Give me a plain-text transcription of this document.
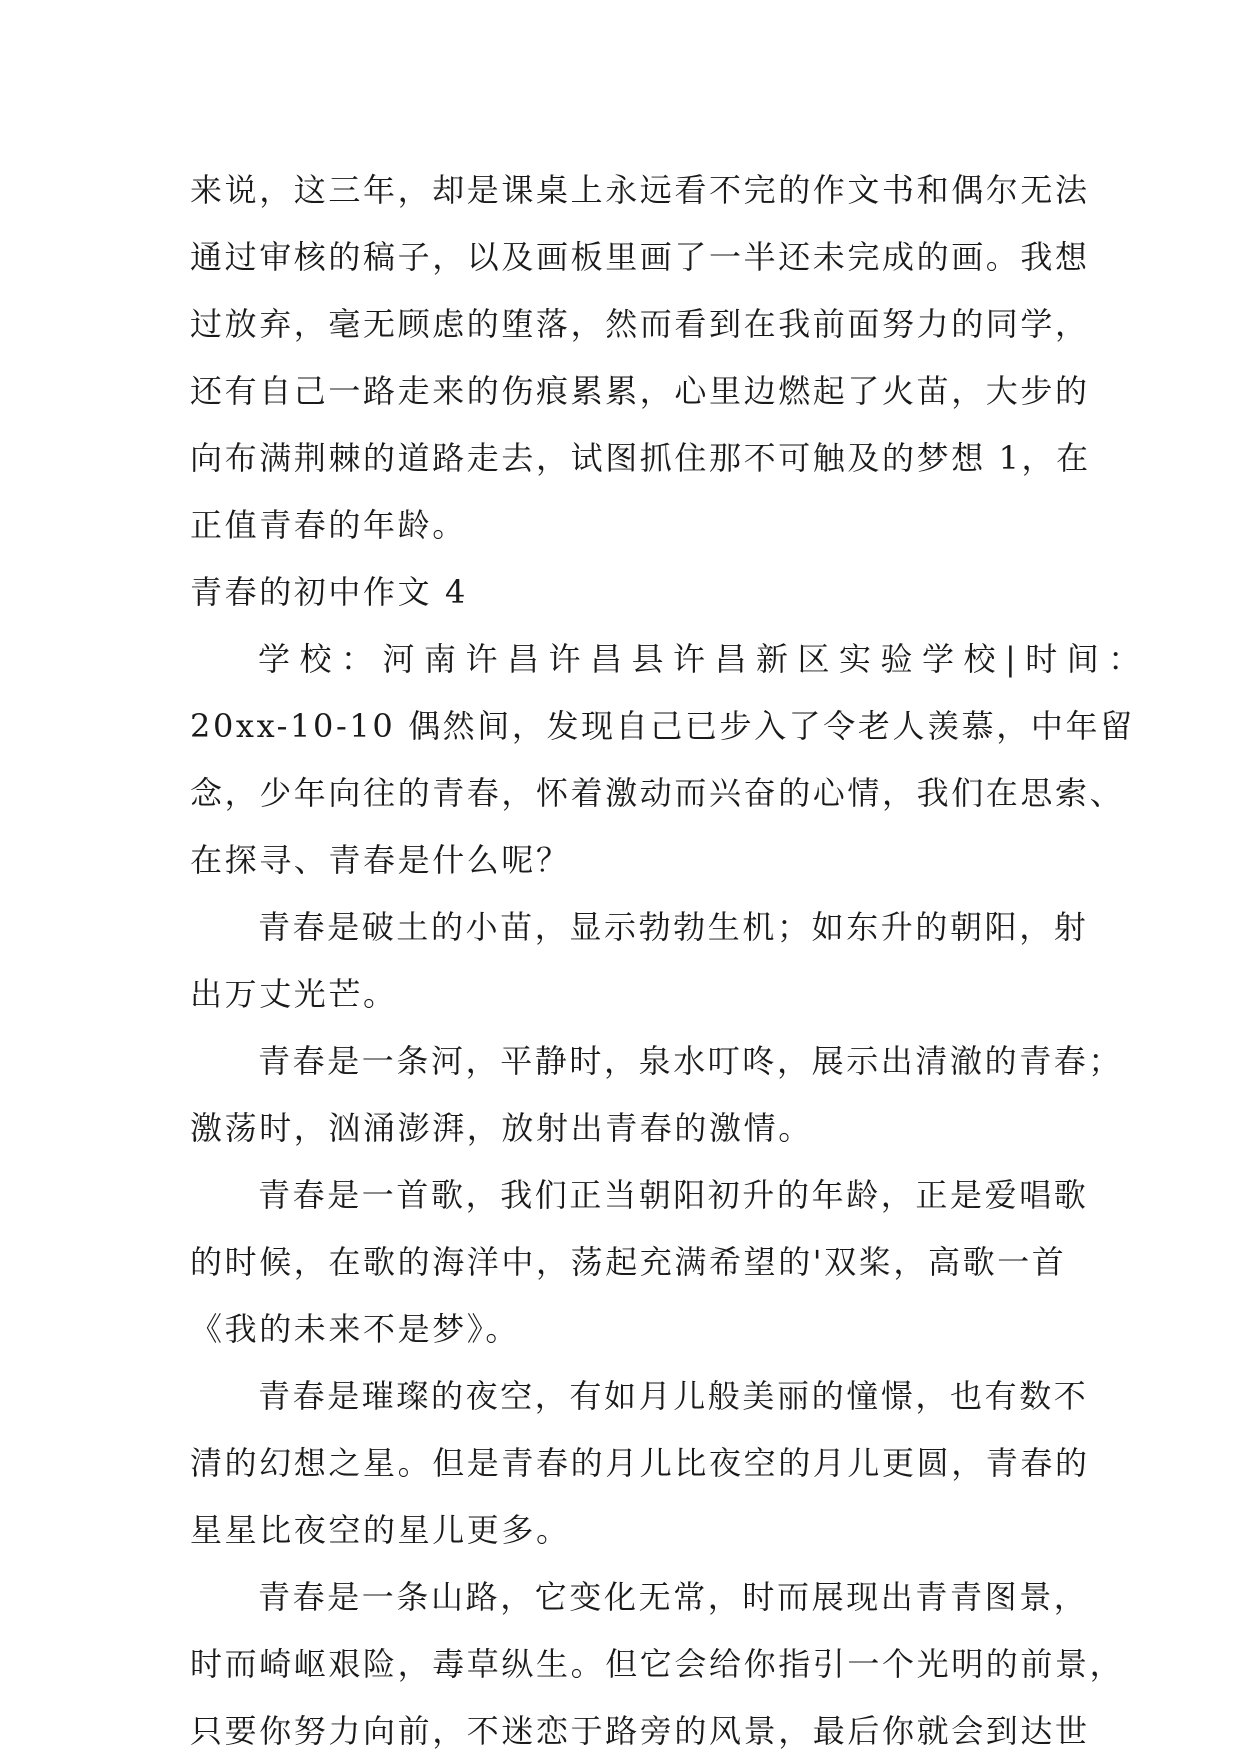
来说，这三年，却是课桌上永远看不完的作文书和偶尔无法
通过审核的稿子，以及画板里画了一半还未完成的画。我想
过放弃，毫无顾虑的堕落，然而看到在我前面努力的同学，
还有自己一路走来的伤痕累累，心里边燃起了火苗，大步的
向布满荆棘的道路走去，试图抓住那不可触及的梦想 1，在
正值青春的年龄。
青春的初中作文 4
学校：河南许昌许昌县许昌新区实验学校|时间：
20xx-10-10 偶然间，发现自己已步入了令老人羡慕，中年留
念，少年向往的青春，怀着激动而兴奋的心情，我们在思索、
在探寻、青春是什么呢？
青春是破土的小苗，显示勃勃生机；如东升的朝阳，射
出万丈光芒。
青春是一条河，平静时，泉水叮咚，展示出清澈的青春；
激荡时，汹涌澎湃，放射出青春的激情。
青春是一首歌，我们正当朝阳初升的年龄，正是爱唱歌
的时候，在歌的海洋中，荡起充满希望的'双桨，高歌一首
《我的未来不是梦》。
青春是璀璨的夜空，有如月儿般美丽的憧憬，也有数不
清的幻想之星。但是青春的月儿比夜空的月儿更圆，青春的
星星比夜空的星儿更多。
青春是一条山路，它变化无常，时而展现出青青图景，
时而崎岖艰险，毒草纵生。但它会给你指引一个光明的前景，
只要你努力向前，不迷恋于路旁的风景，最后你就会到达世
